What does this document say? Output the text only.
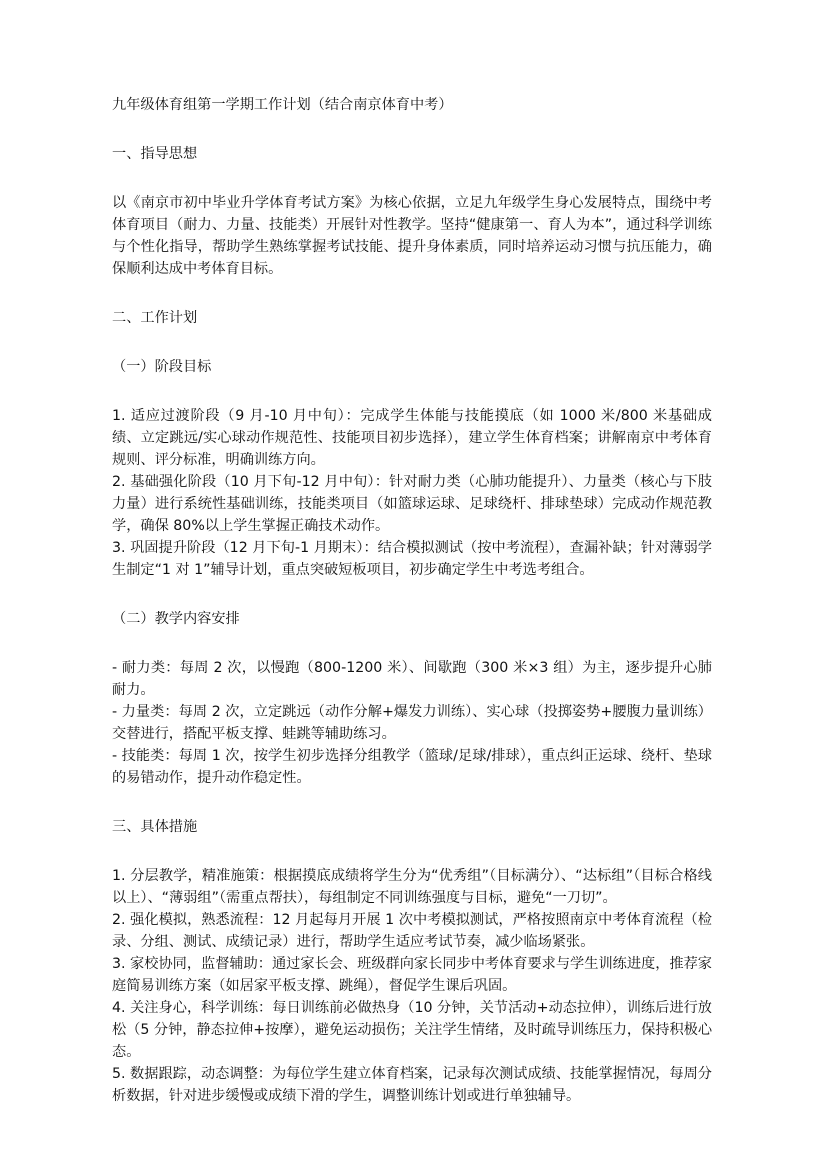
九年级体育组第一学期工作计划（结合南京体育中考）

一、指导思想

以《南京市初中毕业升学体育考试方案》为核心依据，立足九年级学生身心发展特点，围绕中考体育项目（耐力、力量、技能类）开展针对性教学。坚持“健康第一、育人为本”，通过科学训练与个性化指导，帮助学生熟练掌握考试技能、提升身体素质，同时培养运动习惯与抗压能力，确保顺利达成中考体育目标。

二、工作计划

（一）阶段目标

1. 适应过渡阶段（9 月-10 月中旬）：完成学生体能与技能摸底（如 1000 米/800 米基础成绩、立定跳远/实心球动作规范性、技能项目初步选择），建立学生体育档案；讲解南京中考体育规则、评分标准，明确训练方向。

2. 基础强化阶段（10 月下旬-12 月中旬）：针对耐力类（心肺功能提升）、力量类（核心与下肢力量）进行系统性基础训练，技能类项目（如篮球运球、足球绕杆、排球垫球）完成动作规范教学，确保 80%以上学生掌握正确技术动作。

3. 巩固提升阶段（12 月下旬-1 月期末）：结合模拟测试（按中考流程），查漏补缺；针对薄弱学生制定“1 对 1”辅导计划，重点突破短板项目，初步确定学生中考选考组合。

（二）教学内容安排

- 耐力类：每周 2 次，以慢跑（800-1200 米）、间歇跑（300 米×3 组）为主，逐步提升心肺耐力。

- 力量类：每周 2 次，立定跳远（动作分解+爆发力训练）、实心球（投掷姿势+腰腹力量训练）交替进行，搭配平板支撑、蛙跳等辅助练习。

- 技能类：每周 1 次，按学生初步选择分组教学（篮球/足球/排球），重点纠正运球、绕杆、垫球的易错动作，提升动作稳定性。

三、具体措施

1. 分层教学，精准施策：根据摸底成绩将学生分为“优秀组”（目标满分）、“达标组”（目标合格线以上）、“薄弱组”（需重点帮扶），每组制定不同训练强度与目标，避免“一刀切”。

2. 强化模拟，熟悉流程：12 月起每月开展 1 次中考模拟测试，严格按照南京中考体育流程（检录、分组、测试、成绩记录）进行，帮助学生适应考试节奏，减少临场紧张。

3. 家校协同，监督辅助：通过家长会、班级群向家长同步中考体育要求与学生训练进度，推荐家庭简易训练方案（如居家平板支撑、跳绳），督促学生课后巩固。

4. 关注身心，科学训练：每日训练前必做热身（10 分钟，关节活动+动态拉伸），训练后进行放松（5 分钟，静态拉伸+按摩），避免运动损伤；关注学生情绪，及时疏导训练压力，保持积极心态。

5. 数据跟踪，动态调整：为每位学生建立体育档案，记录每次测试成绩、技能掌握情况，每周分析数据，针对进步缓慢或成绩下滑的学生，调整训练计划或进行单独辅导。
